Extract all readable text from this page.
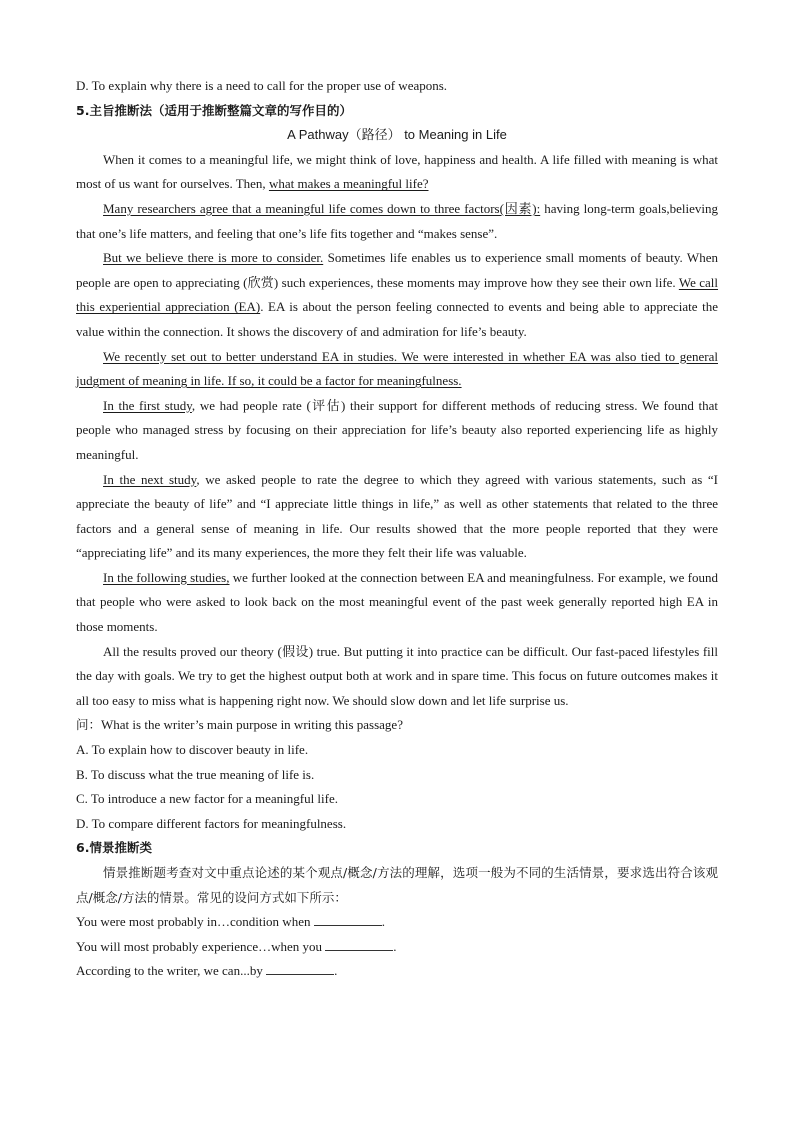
D. To explain why there is a need to call for the proper use of weapons.

5.主旨推断法（适用于推断整篇文章的写作目的）

A Pathway（路径） to Meaning in Life

When it comes to a meaningful life, we might think of love, happiness and health. A life filled with meaning is what most of us want for ourselves. Then, what makes a meaningful life?

Many researchers agree that a meaningful life comes down to three factors(因素): having long-term goals,believing that one’s life matters, and feeling that one’s life fits together and “makes sense”.

But we believe there is more to consider. Sometimes life enables us to experience small moments of beauty. When people are open to appreciating (欣赏) such experiences, these moments may improve how they see their own life. We call this experiential appreciation (EA). EA is about the person feeling connected to events and being able to appreciate the value within the connection. It shows the discovery of and admiration for life’s beauty.

We recently set out to better understand EA in studies. We were interested in whether EA was also tied to general judgment of meaning in life. If so, it could be a factor for meaningfulness.

In the first study, we had people rate (评估) their support for different methods of reducing stress. We found that people who managed stress by focusing on their appreciation for life’s beauty also reported experiencing life as highly meaningful.

In the next study, we asked people to rate the degree to which they agreed with various statements, such as “I appreciate the beauty of life” and “I appreciate little things in life,” as well as other statements that related to the three factors and a general sense of meaning in life. Our results showed that the more people reported that they were “appreciating life” and its many experiences, the more they felt their life was valuable.

In the following studies, we further looked at the connection between EA and meaningfulness. For example, we found that people who were asked to look back on the most meaningful event of the past week generally reported high EA in those moments.

All the results proved our theory (假设) true. But putting it into practice can be difficult. Our fast-paced lifestyles fill the day with goals. We try to get the highest output both at work and in spare time. This focus on future outcomes makes it all too easy to miss what is happening right now. We should slow down and let life surprise us.

问：What is the writer’s main purpose in writing this passage?

A. To explain how to discover beauty in life.

B. To discuss what the true meaning of life is.

C. To introduce a new factor for a meaningful life.

D. To compare different factors for meaningfulness.

6.情景推断类

情景推断题考查对文中重点论述的某个观点/概念/方法的理解，选项一般为不同的生活情景，要求选出符合该观点/概念/方法的情景。常见的设问方式如下所示：

You were most probably in…condition when	.

You will most probably experience…when you	.

According to the writer, we can...by	.
